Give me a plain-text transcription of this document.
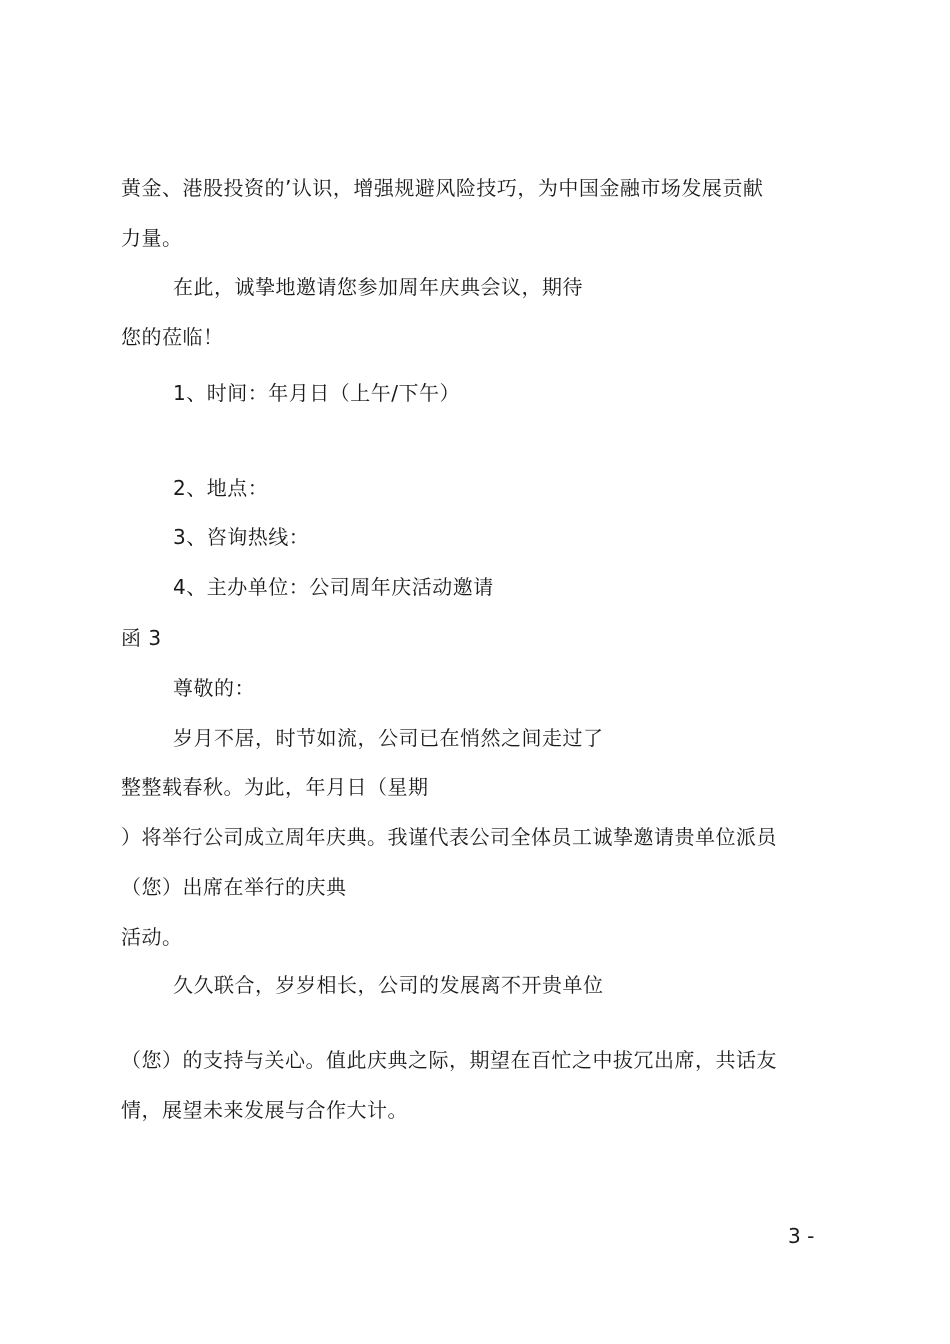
黄金、港股投资的’认识，增强规避风险技巧，为中国金融市场发展贡献
力量。
在此，诚挚地邀请您参加周年庆典会议，期待
您的莅临！
1、时间：年月日（上午/下午）
2、地点：
3、咨询热线：
4、主办单位：公司周年庆活动邀请
函 3
尊敬的：
岁月不居，时节如流，公司已在悄然之间走过了
整整载春秋。为此，年月日（星期
）将举行公司成立周年庆典。我谨代表公司全体员工诚挚邀请贵单位派员
（您）出席在举行的庆典
活动。
久久联合，岁岁相长，公司的发展离不开贵单位
（您）的支持与关心。值此庆典之际，期望在百忙之中拔冗出席，共话友
情，展望未来发展与合作大计。
3 -
